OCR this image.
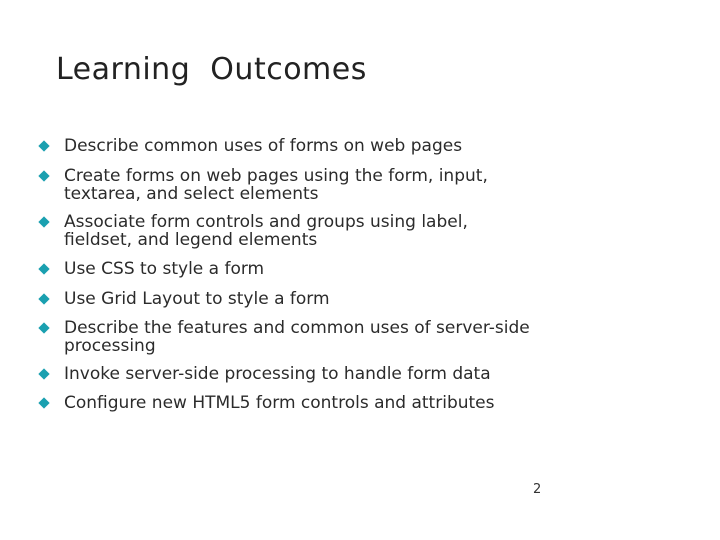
Learning  Outcomes
Describe common uses of forms on web pages
Create forms on web pages using the form, input,
textarea, and select elements
Associate form controls and groups using label,
fieldset, and legend elements
Use CSS to style a form
Use Grid Layout to style a form
Describe the features and common uses of server-side
processing
Invoke server-side processing to handle form data
Configure new HTML5 form controls and attributes
2
